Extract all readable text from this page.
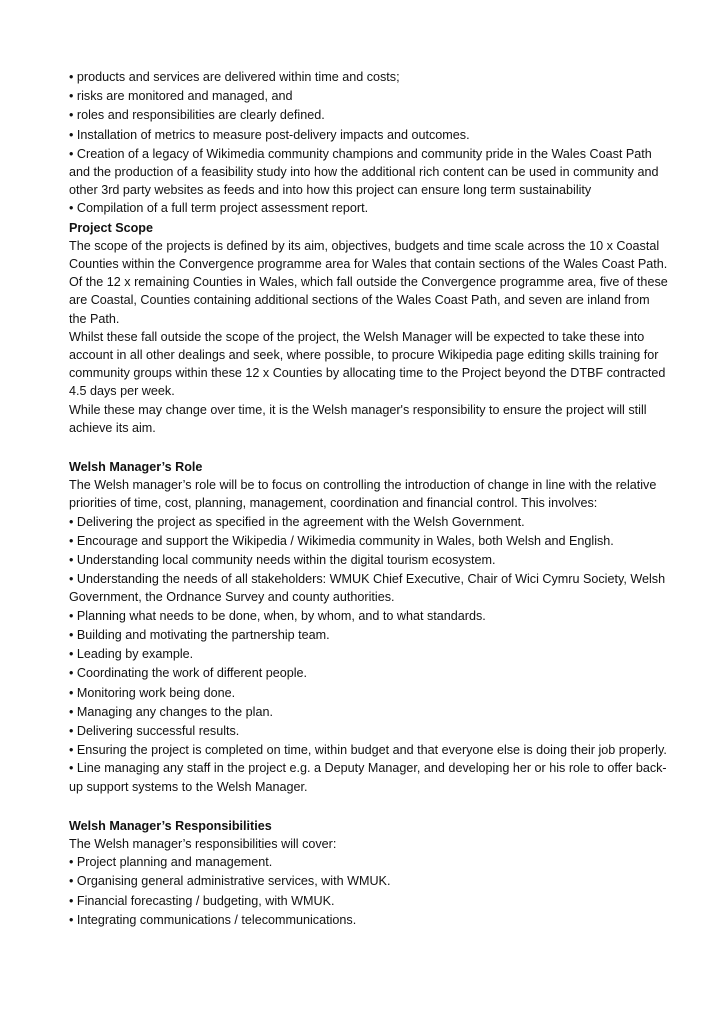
• products and services are delivered within time and costs;

• risks are monitored and managed, and

• roles and responsibilities are clearly defined.

• Installation of metrics to measure post-delivery impacts and outcomes.

• Creation of a legacy of Wikimedia community champions and community pride in the Wales Coast Path and the production of a feasibility study into how the additional rich content can be used in community and other 3rd party websites as feeds and into how this project can ensure long term sustainability

• Compilation of a full term project assessment report.

Project Scope

The scope of the projects is defined by its aim, objectives, budgets and time scale across the 10 x Coastal Counties within the Convergence programme area for Wales that contain sections of the Wales Coast Path.

Of the 12 x remaining Counties in Wales, which fall outside the Convergence programme area, five of these are Coastal, Counties containing additional sections of the Wales Coast Path, and seven are inland from the Path.

Whilst these fall outside the scope of the project, the Welsh Manager will be expected to take these into account in all other dealings and seek, where possible, to procure Wikipedia page editing skills training for community groups within these 12 x Counties by allocating time to the Project beyond the DTBF contracted 4.5 days per week.

While these may change over time, it is the Welsh manager's responsibility to ensure the project will still achieve its aim.

Welsh Manager’s Role

The Welsh manager’s role will be to focus on controlling the introduction of change in line with the relative priorities of time, cost, planning, management, coordination and financial control. This involves:

• Delivering the project as specified in the agreement with the Welsh Government.

• Encourage and support the Wikipedia / Wikimedia community in Wales, both Welsh and English.

• Understanding local community needs within the digital tourism ecosystem.

• Understanding the needs of all stakeholders: WMUK Chief Executive, Chair of Wici Cymru Society, Welsh Government, the Ordnance Survey and county authorities.

• Planning what needs to be done, when, by whom, and to what standards.

• Building and motivating the partnership team.

• Leading by example.

• Coordinating the work of different people.

• Monitoring work being done.

• Managing any changes to the plan.

• Delivering successful results.

• Ensuring the project is completed on time, within budget and that everyone else is doing their job properly.

• Line managing any staff in the project e.g. a Deputy Manager, and developing her or his role to offer back-up support systems to the Welsh Manager.

Welsh Manager’s Responsibilities

The Welsh manager’s responsibilities will cover:

• Project planning and management.

• Organising general administrative services, with WMUK.

• Financial forecasting / budgeting, with WMUK.

• Integrating communications / telecommunications.
